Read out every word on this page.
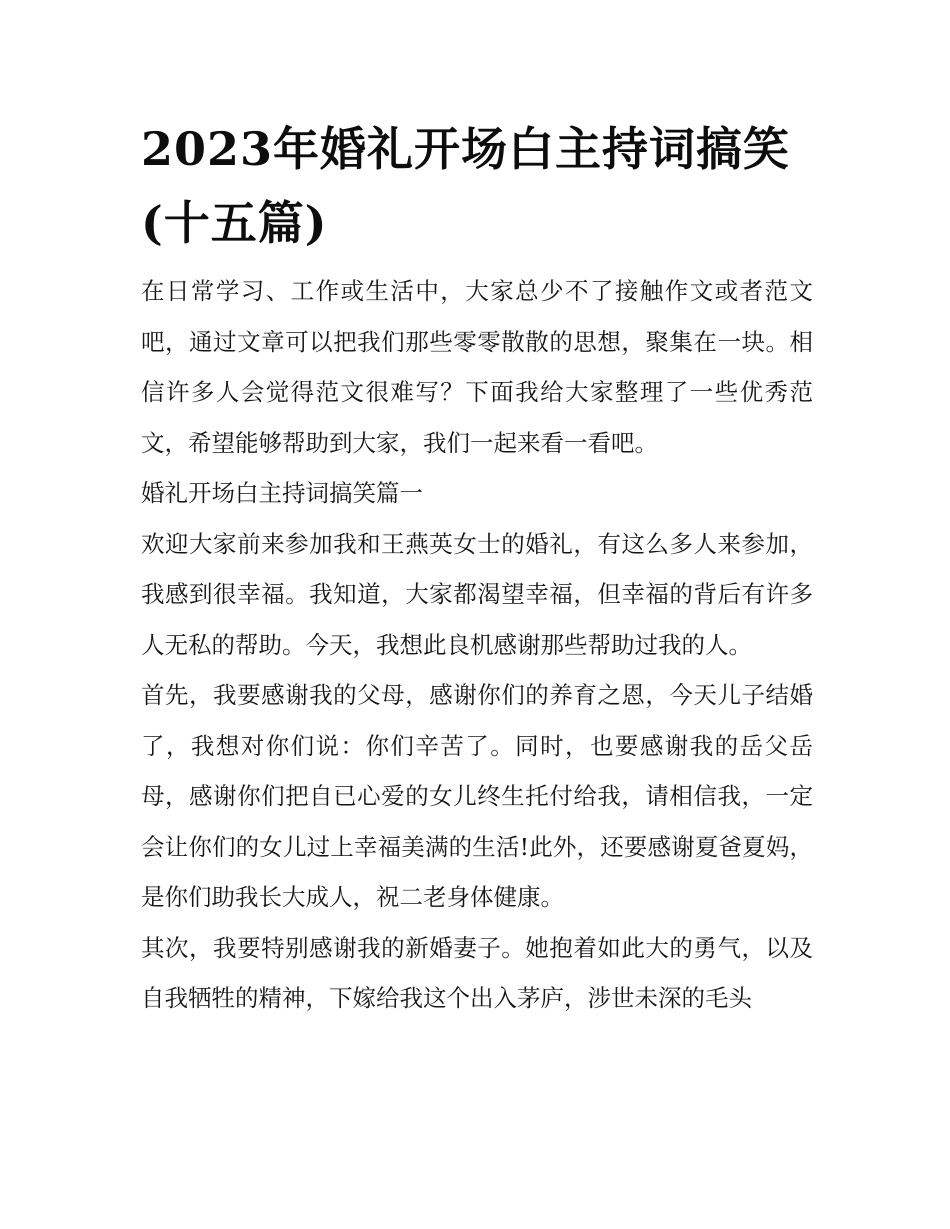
2023年婚礼开场白主持词搞笑(十五篇)

在日常学习、工作或生活中，大家总少不了接触作文或者范文吧，通过文章可以把我们那些零零散散的思想，聚集在一块。相信许多人会觉得范文很难写？下面我给大家整理了一些优秀范文，希望能够帮助到大家，我们一起来看一看吧。

婚礼开场白主持词搞笑篇一

欢迎大家前来参加我和王燕英女士的婚礼，有这么多人来参加，我感到很幸福。我知道，大家都渴望幸福，但幸福的背后有许多人无私的帮助。今天，我想此良机感谢那些帮助过我的人。

首先，我要感谢我的父母，感谢你们的养育之恩，今天儿子结婚了，我想对你们说：你们辛苦了。同时，也要感谢我的岳父岳母，感谢你们把自已心爱的女儿终生托付给我，请相信我，一定会让你们的女儿过上幸福美满的生活!此外，还要感谢夏爸夏妈，是你们助我长大成人，祝二老身体健康。

其次，我要特别感谢我的新婚妻子。她抱着如此大的勇气，以及自我牺牲的精神，下嫁给我这个出入茅庐，涉世未深的毛头
